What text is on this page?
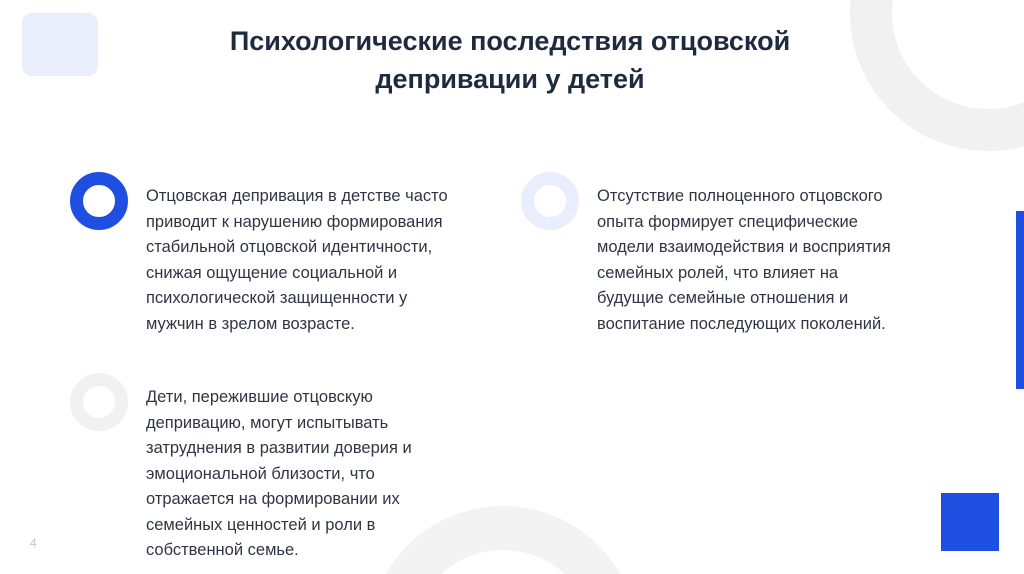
Психологические последствия отцовской
депривации у детей

Отцовская депривация в детстве часто
приводит к нарушению формирования
стабильной отцовской идентичности,
снижая ощущение социальной и
психологической защищенности у
мужчин в зрелом возрасте.

Отсутствие полноценного отцовского
опыта формирует специфические
модели взаимодействия и восприятия
семейных ролей, что влияет на
будущие семейные отношения и
воспитание последующих поколений.

Дети, пережившие отцовскую
депривацию, могут испытывать
затруднения в развитии доверия и
эмоциональной близости, что
отражается на формировании их
семейных ценностей и роли в
собственной семье.

4
